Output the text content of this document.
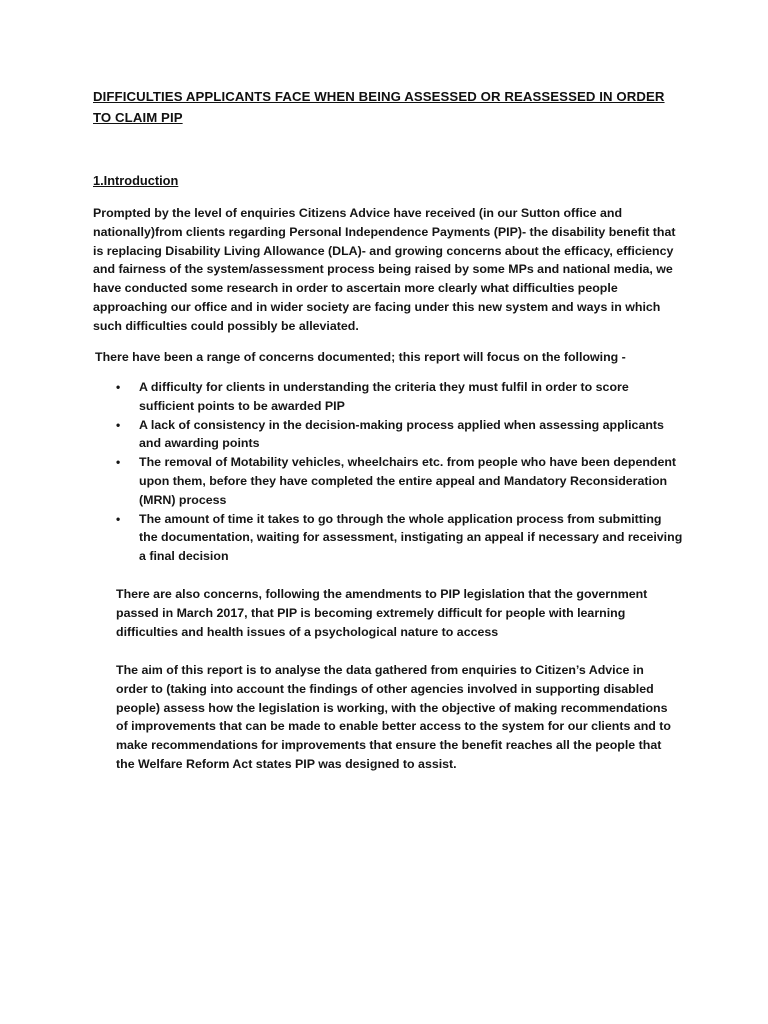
DIFFICULTIES APPLICANTS FACE WHEN BEING ASSESSED OR REASSESSED IN ORDER TO CLAIM PIP
1.Introduction

Prompted by the level of enquiries Citizens Advice have received (in our Sutton office and nationally)from clients regarding Personal Independence Payments (PIP)- the disability benefit that is replacing Disability Living Allowance (DLA)- and growing concerns about the efficacy, efficiency and fairness of the system/assessment process being raised by some MPs and national media, we have conducted some research in order to ascertain more clearly what difficulties people approaching our office and in wider society are facing under this new system and ways in which such difficulties could possibly be alleviated.

There have been a range of concerns documented; this report will focus on the following -

• A difficulty for clients in understanding the criteria they must fulfil in order to score sufficient points to be awarded PIP
• A lack of consistency in the decision-making process applied when assessing applicants and awarding points
• The removal of Motability vehicles, wheelchairs etc. from people who have been dependent upon them, before they have completed the entire appeal and Mandatory Reconsideration (MRN) process
• The amount of time it takes to go through the whole application process from submitting the documentation, waiting for assessment, instigating an appeal if necessary and receiving a final decision

There are also concerns, following the amendments to PIP legislation that the government passed in March 2017, that PIP is becoming extremely difficult for people with learning difficulties and health issues of a psychological nature to access

The aim of this report is to analyse the data gathered from enquiries to Citizen’s Advice in order to (taking into account the findings of other agencies involved in supporting disabled people) assess how the legislation is working, with the objective of making recommendations of improvements that can be made to enable better access to the system for our clients and to make recommendations for improvements that ensure the benefit reaches all the people that the Welfare Reform Act states PIP was designed to assist.
